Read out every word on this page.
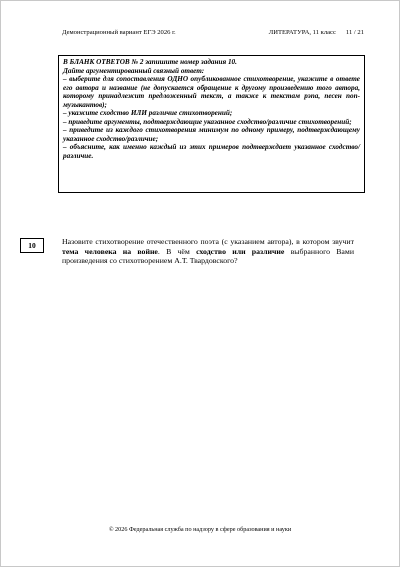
Демонстрационный вариант ЕГЭ 2026 г.	ЛИТЕРАТУРА, 11 класс 11 / 21
В БЛАНК ОТВЕТОВ № 2 запишите номер задания 10.
Дайте аргументированный связный ответ:
– выберите для сопоставления ОДНО опубликованное стихотворение, укажите в ответе его автора и название (не допускается обращение к другому произведению того автора, которому принадлежит предложенный текст, а также к текстам рэпа, песен поп-музыкантов);
– укажите сходство ИЛИ различие стихотворений;
– приведите аргументы, подтверждающие указанное сходство/различие стихотворений;
– приведите из каждого стихотворения минимум по одному примеру, подтверждающему указанное сходство/различие;
– объясните, как именно каждый из этих примеров подтверждает указанное сходство/различие.
10	Назовите стихотворение отечественного поэта (с указанием автора), в котором звучит тема человека на войне. В чём сходство или различие выбранного Вами произведения со стихотворением А.Т. Твардовского?
© 2026 Федеральная служба по надзору в сфере образования и науки
